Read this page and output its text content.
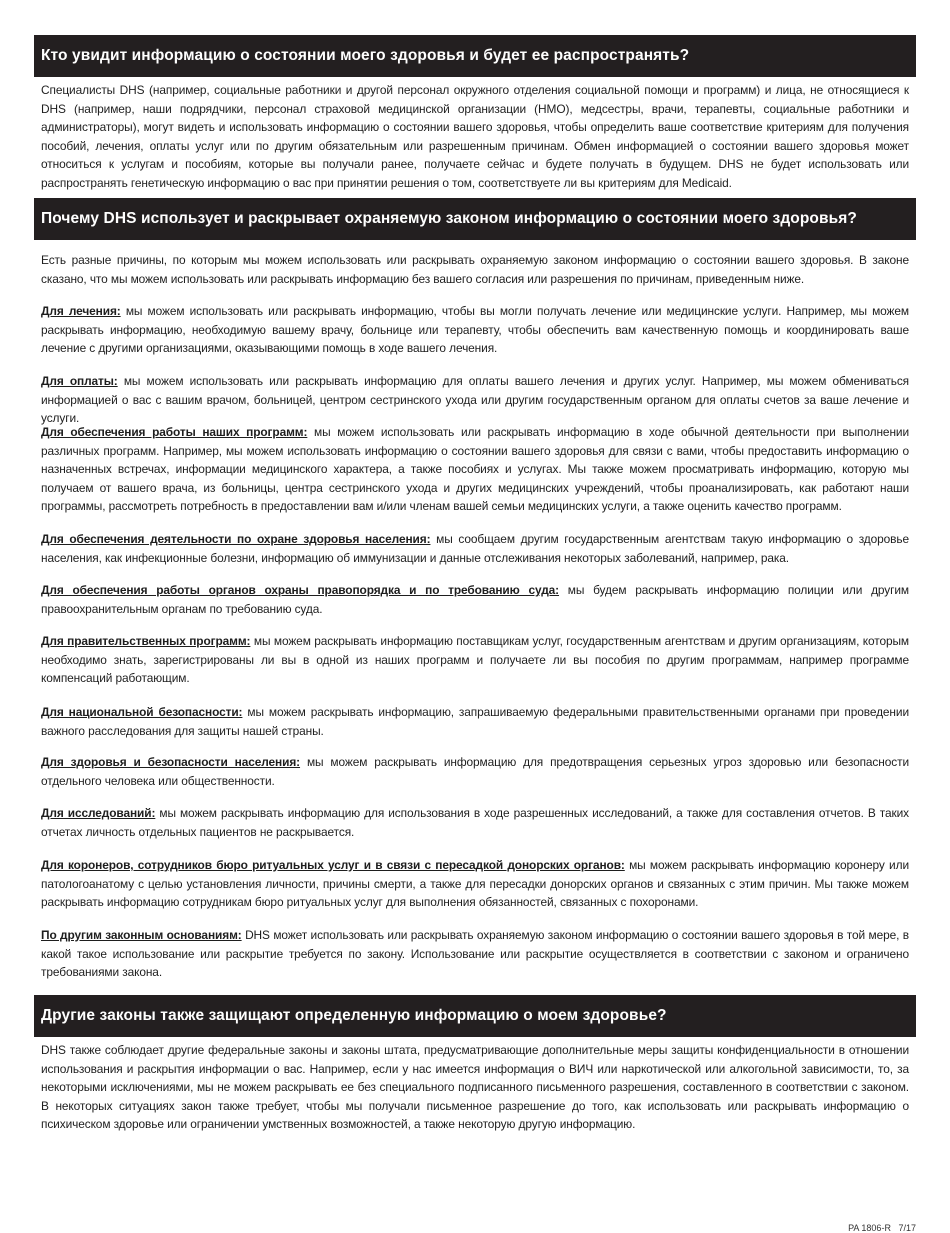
Кто увидит информацию о состоянии моего здоровья и будет ее распространять?

Специалисты DHS (например, социальные работники и другой персонал окружного отделения социальной помощи и программ) и лица, не относящиеся к DHS (например, наши подрядчики, персонал страховой медицинской организации (HMO), медсестры, врачи, терапевты, социальные работники и администраторы), могут видеть и использовать информацию о состоянии вашего здоровья, чтобы определить ваше соответствие критериям для получения пособий, лечения, оплаты услуг или по другим обязательным или разрешенным причинам. Обмен информацией о состоянии вашего здоровья может относиться к услугам и пособиям, которые вы получали ранее, получаете сейчас и будете получать в будущем. DHS не будет использовать или распространять генетическую информацию о вас при принятии решения о том, соответствуете ли вы критериям для Medicaid.

Почему DHS использует и раскрывает охраняемую законом информацию о состоянии моего здоровья?

Есть разные причины, по которым мы можем использовать или раскрывать охраняемую законом информацию о состоянии вашего здоровья. В законе сказано, что мы можем использовать или раскрывать информацию без вашего согласия или разрешения по причинам, приведенным ниже.

Для лечения: мы можем использовать или раскрывать информацию, чтобы вы могли получать лечение или медицинские услуги. Например, мы можем раскрывать информацию, необходимую вашему врачу, больнице или терапевту, чтобы обеспечить вам качественную помощь и координировать ваше лечение с другими организациями, оказывающими помощь в ходе вашего лечения.

Для оплаты: мы можем использовать или раскрывать информацию для оплаты вашего лечения и других услуг. Например, мы можем обмениваться информацией о вас с вашим врачом, больницей, центром сестринского ухода или другим государственным органом для оплаты счетов за ваше лечение и услуги.

Для обеспечения работы наших программ: мы можем использовать или раскрывать информацию в ходе обычной деятельности при выполнении различных программ. Например, мы можем использовать информацию о состоянии вашего здоровья для связи с вами, чтобы предоставить информацию о назначенных встречах, информации медицинского характера, а также пособиях и услугах. Мы также можем просматривать информацию, которую мы получаем от вашего врача, из больницы, центра сестринского ухода и других медицинских учреждений, чтобы проанализировать, как работают наши программы, рассмотреть потребность в предоставлении вам и/или членам вашей семьи медицинских услуги, а также оценить качество программ.

Для обеспечения деятельности по охране здоровья населения: мы сообщаем другим государственным агентствам такую информацию о здоровье населения, как инфекционные болезни, информацию об иммунизации и данные отслеживания некоторых заболеваний, например, рака.

Для обеспечения работы органов охраны правопорядка и по требованию суда: мы будем раскрывать информацию полиции или другим правоохранительным органам по требованию суда.

Для правительственных программ: мы можем раскрывать информацию поставщикам услуг, государственным агентствам и другим организациям, которым необходимо знать, зарегистрированы ли вы в одной из наших программ и получаете ли вы пособия по другим программам, например программе компенсаций работающим.

Для национальной безопасности: мы можем раскрывать информацию, запрашиваемую федеральными правительственными органами при проведении важного расследования для защиты нашей страны.

Для здоровья и безопасности населения: мы можем раскрывать информацию для предотвращения серьезных угроз здоровью или безопасности отдельного человека или общественности.

Для исследований: мы можем раскрывать информацию для использования в ходе разрешенных исследований, а также для составления отчетов. В таких отчетах личность отдельных пациентов не раскрывается.

Для коронеров, сотрудников бюро ритуальных услуг и в связи с пересадкой донорских органов: мы можем раскрывать информацию коронеру или патологоанатому с целью установления личности, причины смерти, а также для пересадки донорских органов и связанных с этим причин. Мы также можем раскрывать информацию сотрудникам бюро ритуальных услуг для выполнения обязанностей, связанных с похоронами.

По другим законным основаниям: DHS может использовать или раскрывать охраняемую законом информацию о состоянии вашего здоровья в той мере, в какой такое использование или раскрытие требуется по закону. Использование или раскрытие осуществляется в соответствии с законом и ограничено требованиями закона.

Другие законы также защищают определенную информацию о моем здоровье?

DHS также соблюдает другие федеральные законы и законы штата, предусматривающие дополнительные меры защиты конфиденциальности в отношении использования и раскрытия информации о вас. Например, если у нас имеется информация о ВИЧ или наркотической или алкогольной зависимости, то, за некоторыми исключениями, мы не можем раскрывать ее без специального подписанного письменного разрешения, составленного в соответствии с законом. В некоторых ситуациях закон также требует, чтобы мы получали письменное разрешение до того, как использовать или раскрывать информацию о психическом здоровье или ограничении умственных возможностей, а также некоторую другую информацию.

PA 1806-R 7/17
